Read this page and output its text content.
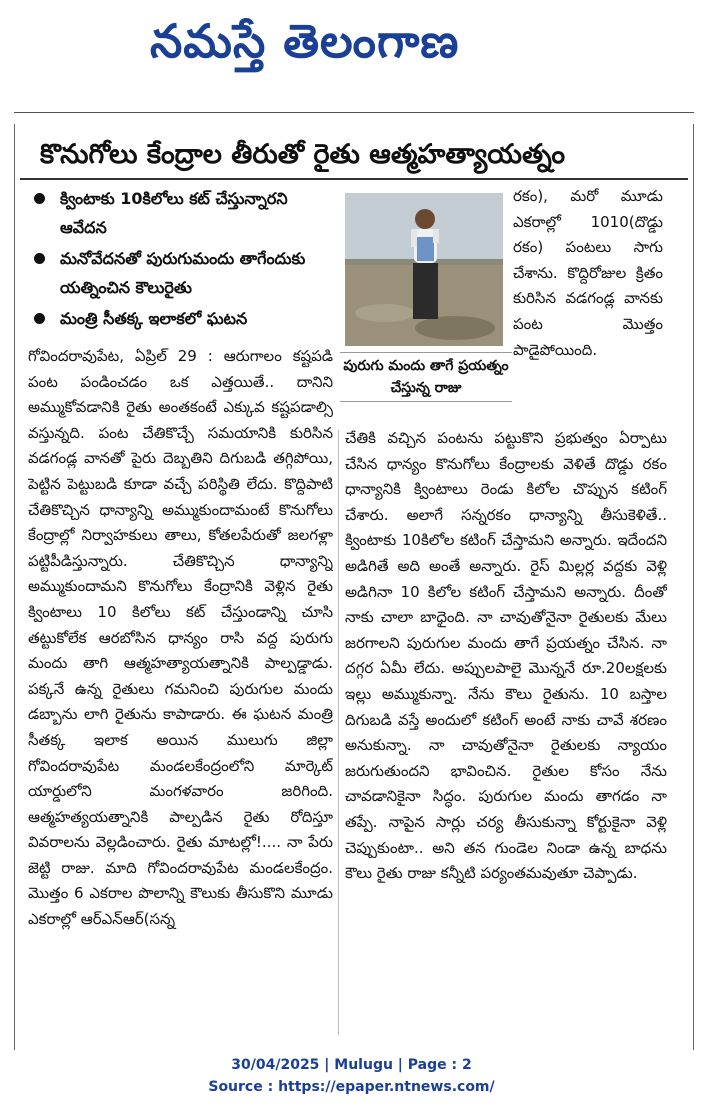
నమస్తే తెలంగాణ
కొనుగోలు కేంద్రాల తీరుతో రైతు ఆత్మహత్యాయత్నం
క్వింటాకు 10కిలోలు కట్ చేస్తున్నారని ఆవేదన
మనోవేదనతో పురుగుమందు తాగేందుకు యత్నించిన కౌలురైతు
మంత్రి సీతక్క ఇలాకలో ఘటన
పురుగు మందు తాగే ప్రయత్నం చేస్తున్న రాజు
గోవిందరావుపేట, ఏప్రిల్ 29 : ఆరుగాలం కష్టపడి పంట పండించడం ఒక ఎత్తయితే.. దానిని అమ్ముకోవడానికి రైతు అంతకంటే ఎక్కువ కష్టపడాల్సి వస్తున్నది. పంట చేతికొచ్చే సమయానికి కురిసిన వడగండ్ల వానతో పైరు దెబ్బతిని దిగుబడి తగ్గిపోయి, పెట్టిన పెట్టుబడి కూడా వచ్చే పరిస్థితి లేదు. కొద్దిపాటి చేతికొచ్చిన ధాన్యాన్ని అమ్ముకుందామంటే కొనుగోలు కేంద్రాల్లో నిర్వాహకులు తాలు, కోతలపేరుతో జలగళ్లా పట్టిపీడిస్తున్నారు. చేతికొచ్చిన ధాన్యాన్ని అమ్ముకుందామని కొనుగోలు కేంద్రానికి వెళ్లిన రైతు క్వింటాలు 10 కిలోలు కట్ చేస్తుండాన్ని చూసి తట్టుకోలేక ఆరబోసిన ధాన్యం రాసి వద్ద పురుగు మందు తాగి ఆత్మహత్యాయత్నానికి పాల్పడ్డాడు. పక్కనే ఉన్న రైతులు గమనించి పురుగుల మందు డబ్బాను లాగి రైతును కాపాడారు. ఈ ఘటన మంత్రి సీతక్క ఇలాక అయిన ములుగు జిల్లా గోవిందరావుపేట మండలకేంద్రంలోని మార్కెట్ యార్డులోని మంగళవారం జరిగింది. ఆత్మహత్యయత్నానికి పాల్పడిన రైతు రోదిస్తూ వివరాలను వెల్లడించారు. రైతు మాటల్లో!.... నా పేరు జెట్టి రాజు. మాది గోవిందరావుపేట మండలకేంద్రం. మొత్తం 6 ఎకరాల పొలాన్ని కౌలుకు తీసుకొని మూడు ఎకరాల్లో ఆర్ఎన్ఆర్(సన్న
రకం), మరో మూడు ఎకరాల్లో 1010(దొడ్డు రకం) పంటలు సాగు చేశాను. కొద్దిరోజుల క్రితం కురిసిన వడగండ్ల వానకు పంట మొత్తం పాడైపోయింది.
చేతికి వచ్చిన పంటను పట్టుకొని ప్రభుత్వం ఏర్పాటు చేసిన ధాన్యం కొనుగోలు కేంద్రాలకు వెళితే దొడ్డు రకం ధాన్యానికి క్వింటాలు రెండు కిలోల చొప్పున కటింగ్ చేశారు. అలాగే సన్నరకం ధాన్యాన్ని తీసుకెళితే.. క్వింటాకు 10కిలోల కటింగ్ చేస్తామని అన్నారు. ఇదేందని అడిగితే అది అంతే అన్నారు. రైస్ మిల్లర్ల వద్దకు వెళ్లి అడిగినా 10 కిలోల కటింగ్ చేస్తామని అన్నారు. దీంతో నాకు చాలా బాధైంది. నా చావుతోనైనా రైతులకు మేలు జరగాలని పురుగుల మందు తాగే ప్రయత్నం చేసిన. నా దగ్గర ఏమీ లేదు. అప్పులపాలై మొన్ననే రూ.20లక్షలకు ఇల్లు అమ్ముకున్నా. నేను కౌలు రైతును. 10 బస్తాల దిగుబడి వస్తే అందులో కటింగ్ అంటే నాకు చావే శరణం అనుకున్నా. నా చావుతోనైనా రైతులకు న్యాయం జరుగుతుందని భావించిన. రైతుల కోసం నేను చావడానికైనా సిద్ధం. పురుగుల మందు తాగడం నా తప్పే. నాపైన సార్లు చర్య తీసుకున్నా కోర్టుకైనా వెళ్లి చెప్పుకుంటా.. అని తన గుండెల నిండా ఉన్న బాధను కౌలు రైతు రాజు కన్నీటి పర్యంతమవుతూ చెప్పాడు.
30/04/2025 | Mulugu | Page : 2
Source : https://epaper.ntnews.com/
